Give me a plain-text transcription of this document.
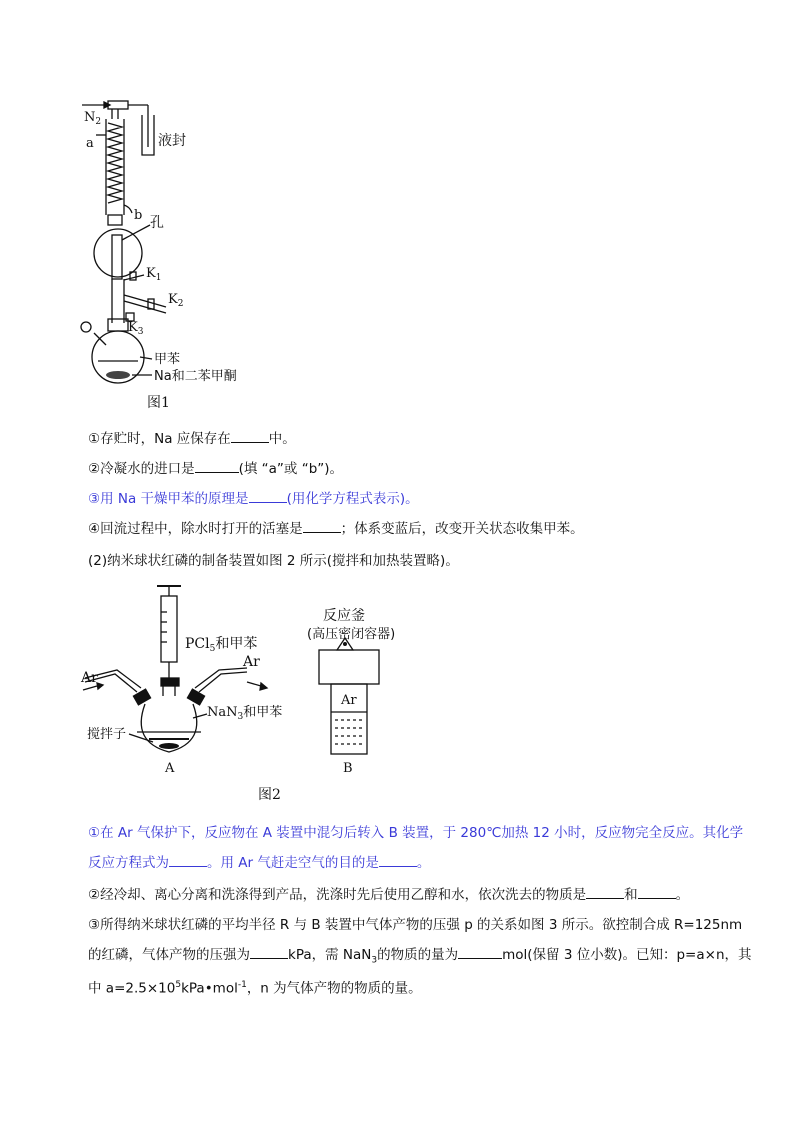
$N_2$
a
b
液封
孔
$K_1$
$K_2$
$K_3$
甲苯
Na和二苯甲酮
图1
①存贮时，Na 应保存在	中。
②冷凝水的进口是	(填 “a”或 “b”)。
③用 Na 干燥甲苯的原理是	(用化学方程式表示)。
④回流过程中，除水时打开的活塞是	；体系变蓝后，改变开关状态收集甲苯。
(2)纳米球状红磷的制备装置如图 2 所示(搅拌和加热装置略)。
PCl$_5$和甲苯
Ar
Ar
NaN$_3$和甲苯
搅拌子
A
反应釜
(高压密闭容器)
Ar
B
图2
①在 Ar 气保护下，反应物在 A 装置中混匀后转入 B 装置，于 280℃加热 12 小时，反应物完全反应。其化学
反应方程式为	。用 Ar 气赶走空气的目的是	。
②经冷却、离心分离和洗涤得到产品，洗涤时先后使用乙醇和水，依次洗去的物质是	和	。
③所得纳米球状红磷的平均半径 R 与 B 装置中气体产物的压强 p 的关系如图 3 所示。欲控制合成 R=125nm
的红磷，气体产物的压强为	kPa，需 NaN$_3$的物质的量为	mol(保留 3 位小数)。已知：p=a×n，其
中 $a=2.5\times 10^5kPa•mol^{-1}$，n 为气体产物的物质的量。
